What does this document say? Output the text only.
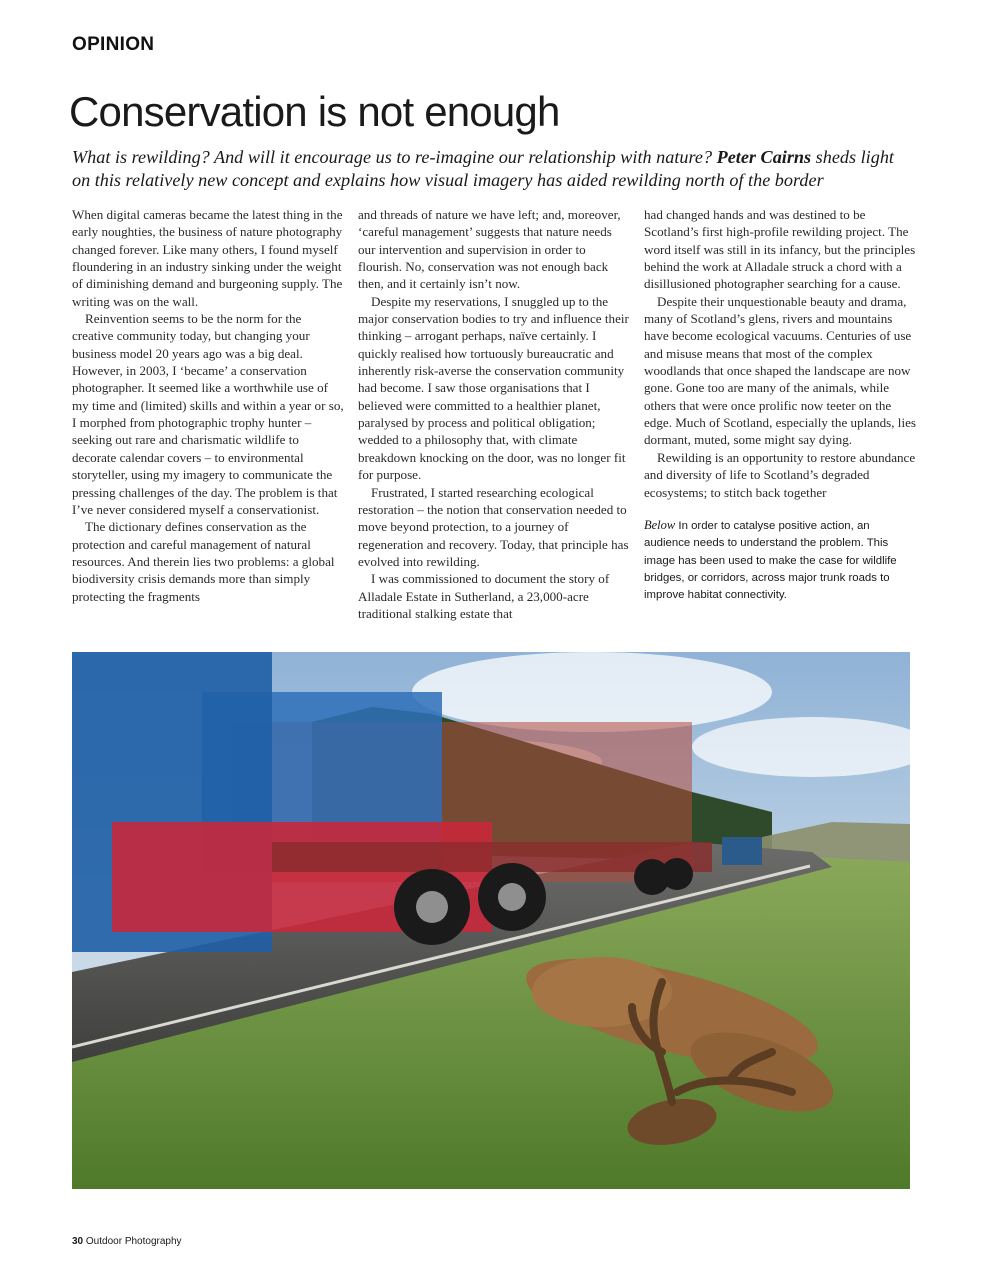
OPINION
Conservation is not enough

What is rewilding? And will it encourage us to re-imagine our relationship with nature? Peter Cairns sheds light on this relatively new concept and explains how visual imagery has aided rewilding north of the border

When digital cameras became the latest thing in the early noughties, the business of nature photography changed forever. Like many others, I found myself floundering in an industry sinking under the weight of diminishing demand and burgeoning supply. The writing was on the wall.

Reinvention seems to be the norm for the creative community today, but changing your business model 20 years ago was a big deal. However, in 2003, I ‘became’ a conservation photographer. It seemed like a worthwhile use of my time and (limited) skills and within a year or so, I morphed from photographic trophy hunter – seeking out rare and charismatic wildlife to decorate calendar covers – to environmental storyteller, using my imagery to communicate the pressing challenges of the day. The problem is that I’ve never considered myself a conservationist.

The dictionary defines conservation as the protection and careful management of natural resources. And therein lies two problems: a global biodiversity crisis demands more than simply protecting the fragments

and threads of nature we have left; and, moreover, ‘careful management’ suggests that nature needs our intervention and supervision in order to flourish. No, conservation was not enough back then, and it certainly isn’t now.

Despite my reservations, I snuggled up to the major conservation bodies to try and influence their thinking – arrogant perhaps, naïve certainly. I quickly realised how tortuously bureaucratic and inherently risk-averse the conservation community had become. I saw those organisations that I believed were committed to a healthier planet, paralysed by process and political obligation; wedded to a philosophy that, with climate breakdown knocking on the door, was no longer fit for purpose.

Frustrated, I started researching ecological restoration – the notion that conservation needed to move beyond protection, to a journey of regeneration and recovery. Today, that principle has evolved into rewilding.

I was commissioned to document the story of Alladale Estate in Sutherland, a 23,000-acre traditional stalking estate that

had changed hands and was destined to be Scotland’s first high-profile rewilding project. The word itself was still in its infancy, but the principles behind the work at Alladale struck a chord with a disillusioned photographer searching for a cause.

Despite their unquestionable beauty and drama, many of Scotland’s glens, rivers and mountains have become ecological vacuums. Centuries of use and misuse means that most of the complex woodlands that once shaped the landscape are now gone. Gone too are many of the animals, while others that were once prolific now teeter on the edge. Much of Scotland, especially the uplands, lies dormant, muted, some might say dying.

Rewilding is an opportunity to restore abundance and diversity of life to Scotland’s degraded ecosystems; to stitch back together

Below In order to catalyse positive action, an audience needs to understand the problem. This image has been used to make the case for wildlife bridges, or corridors, across major trunk roads to improve habitat connectivity.
30 Outdoor Photography
